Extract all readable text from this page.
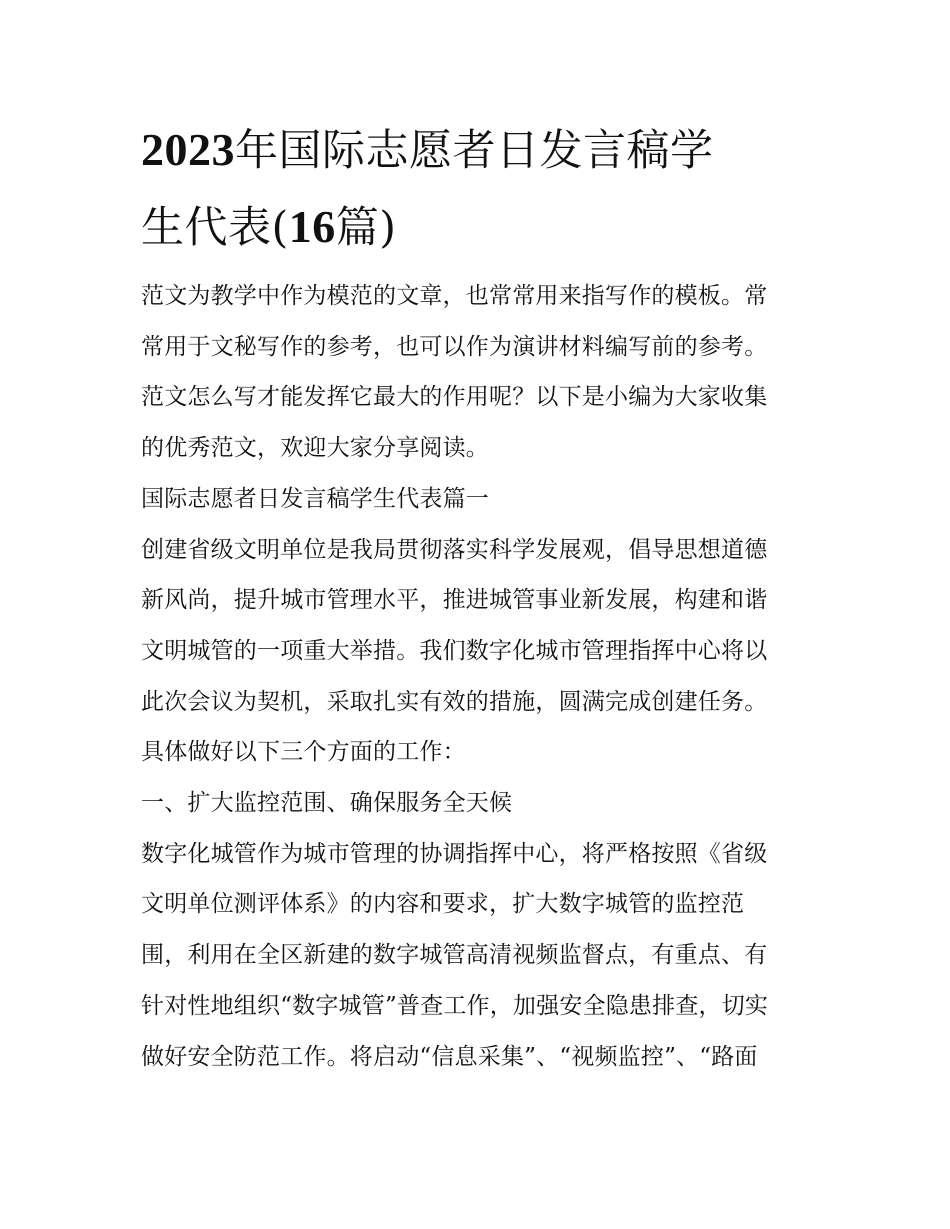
2023年国际志愿者日发言稿学
生代表(16篇)
范文为教学中作为模范的文章，也常常用来指写作的模板。常
常用于文秘写作的参考，也可以作为演讲材料编写前的参考。
范文怎么写才能发挥它最大的作用呢？以下是小编为大家收集
的优秀范文，欢迎大家分享阅读。
国际志愿者日发言稿学生代表篇一
创建省级文明单位是我局贯彻落实科学发展观，倡导思想道德
新风尚，提升城市管理水平，推进城管事业新发展，构建和谐
文明城管的一项重大举措。我们数字化城市管理指挥中心将以
此次会议为契机，采取扎实有效的措施，圆满完成创建任务。
具体做好以下三个方面的工作：
一、扩大监控范围、确保服务全天候
数字化城管作为城市管理的协调指挥中心，将严格按照《省级
文明单位测评体系》的内容和要求，扩大数字城管的监控范
围，利用在全区新建的数字城管高清视频监督点，有重点、有
针对性地组织“数字城管”普查工作，加强安全隐患排查，切实
做好安全防范工作。将启动“信息采集”、“视频监控”、“路面
